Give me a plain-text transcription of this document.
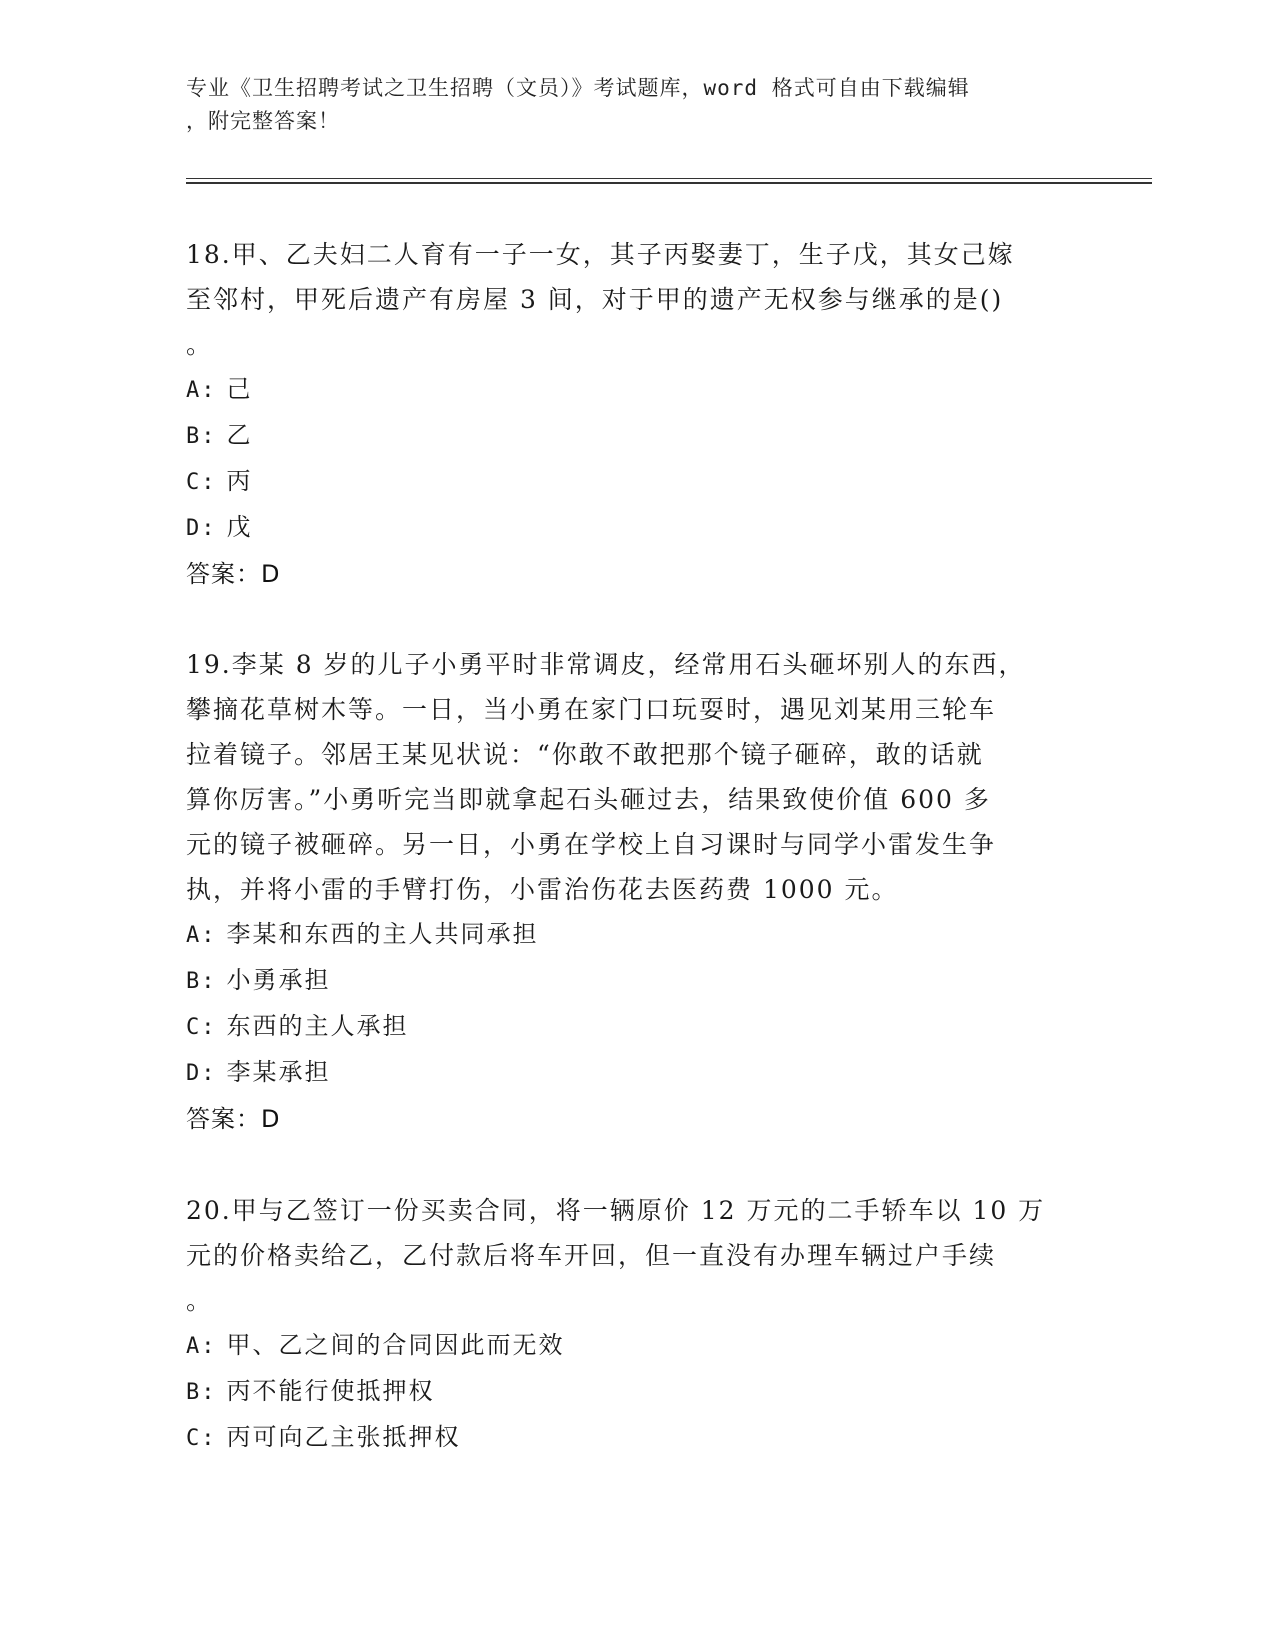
专业《卫生招聘考试之卫生招聘（文员）》考试题库，word 格式可自由下载编辑
，附完整答案！
18.甲、乙夫妇二人育有一子一女，其子丙娶妻丁，生子戊，其女己嫁
至邻村，甲死后遗产有房屋 3 间，对于甲的遗产无权参与继承的是()
。
A: 己
B: 乙
C: 丙
D: 戊
答案：D
19.李某 8 岁的儿子小勇平时非常调皮，经常用石头砸坏别人的东西，
攀摘花草树木等。一日，当小勇在家门口玩耍时，遇见刘某用三轮车
拉着镜子。邻居王某见状说：“你敢不敢把那个镜子砸碎，敢的话就
算你厉害。”小勇听完当即就拿起石头砸过去，结果致使价值 600 多
元的镜子被砸碎。另一日，小勇在学校上自习课时与同学小雷发生争
执，并将小雷的手臂打伤，小雷治伤花去医药费 1000 元。
A: 李某和东西的主人共同承担
B: 小勇承担
C: 东西的主人承担
D: 李某承担
答案：D
20.甲与乙签订一份买卖合同，将一辆原价 12 万元的二手轿车以 10 万
元的价格卖给乙，乙付款后将车开回，但一直没有办理车辆过户手续
。
A: 甲、乙之间的合同因此而无效
B: 丙不能行使抵押权
C: 丙可向乙主张抵押权
